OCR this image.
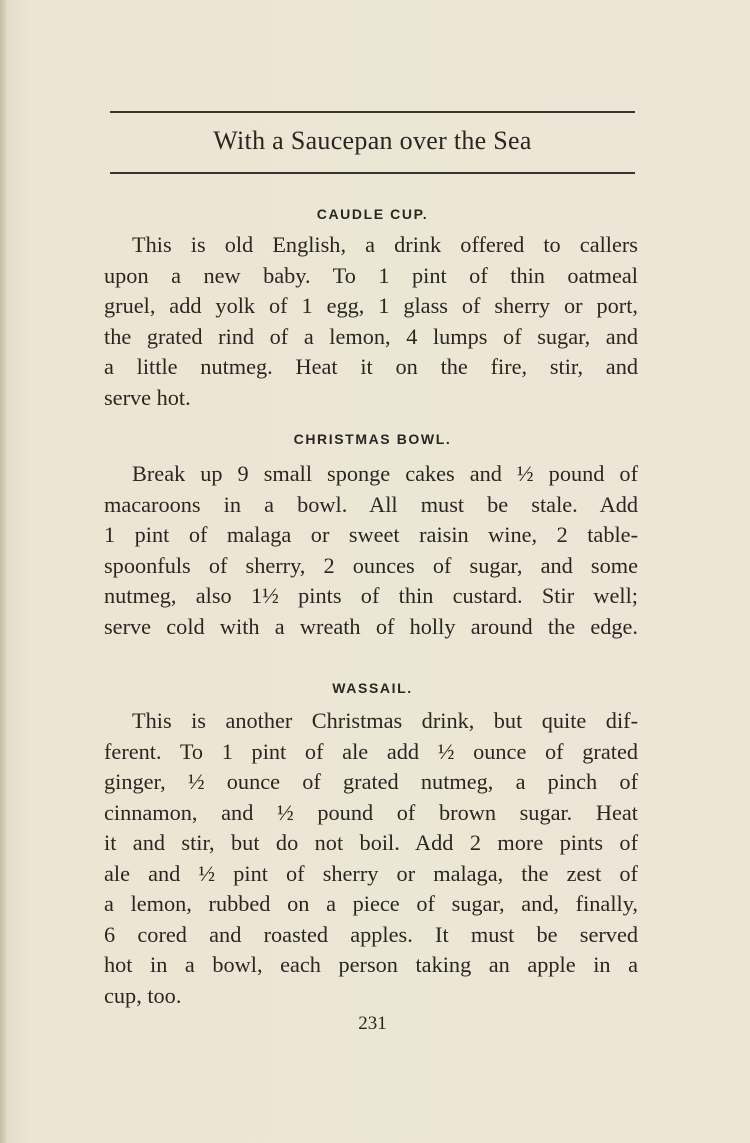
With a Saucepan over the Sea
CAUDLE CUP.
This is old English, a drink offered to callers
upon a new baby. To 1 pint of thin oatmeal
gruel, add yolk of 1 egg, 1 glass of sherry or port,
the grated rind of a lemon, 4 lumps of sugar, and
a little nutmeg. Heat it on the fire, stir, and
serve hot.
CHRISTMAS BOWL.
Break up 9 small sponge cakes and ½ pound of
macaroons in a bowl. All must be stale. Add
1 pint of malaga or sweet raisin wine, 2 table-
spoonfuls of sherry, 2 ounces of sugar, and some
nutmeg, also 1½ pints of thin custard. Stir well;
serve cold with a wreath of holly around the edge.
WASSAIL.
This is another Christmas drink, but quite dif-
ferent. To 1 pint of ale add ½ ounce of grated
ginger, ½ ounce of grated nutmeg, a pinch of
cinnamon, and ½ pound of brown sugar. Heat
it and stir, but do not boil. Add 2 more pints of
ale and ½ pint of sherry or malaga, the zest of
a lemon, rubbed on a piece of sugar, and, finally,
6 cored and roasted apples. It must be served
hot in a bowl, each person taking an apple in a
cup, too.
231
